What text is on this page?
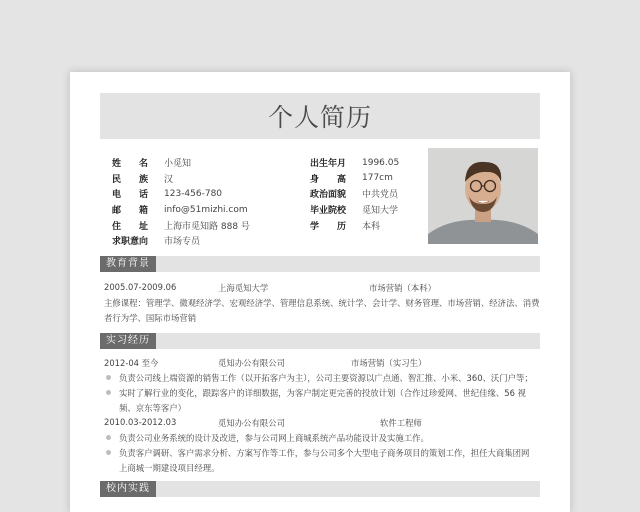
个人简历
姓　　名	小觅知
民　　族	汉
电　　话	123-456-780
邮　　箱	info@51mizhi.com
住　　址	上海市觅知路 888 号
求职意向	市场专员
出生年月	1996.05
身　　高	177cm
政治面貌	中共党员
毕业院校	觅知大学
学　　历	本科
教育背景
2005.07-2009.06	上海觅知大学	市场营销（本科）
主修课程：管理学、微观经济学、宏观经济学、管理信息系统、统计学、会计学、财务管理、市场营销、经济法、消费者行为学、国际市场营销
实习经历
2012-04 至今	觅知办公有限公司	市场营销（实习生）
负责公司线上端资源的销售工作（以开拓客户为主），公司主要资源以广点通、智汇推、小米、360、沃门户等；
实时了解行业的变化，跟踪客户的详细数据，为客户制定更完善的投放计划（合作过珍爱网、世纪佳缘、56 视频、京东等客户）
2010.03-2012.03	觅知办公有限公司	软件工程师
负责公司业务系统的设计及改进，参与公司网上商城系统产品功能设计及实施工作。
负责客户调研、客户需求分析、方案写作等工作，参与公司多个大型电子商务项目的策划工作，担任大商集团网上商城一期建设项目经理。
校内实践
